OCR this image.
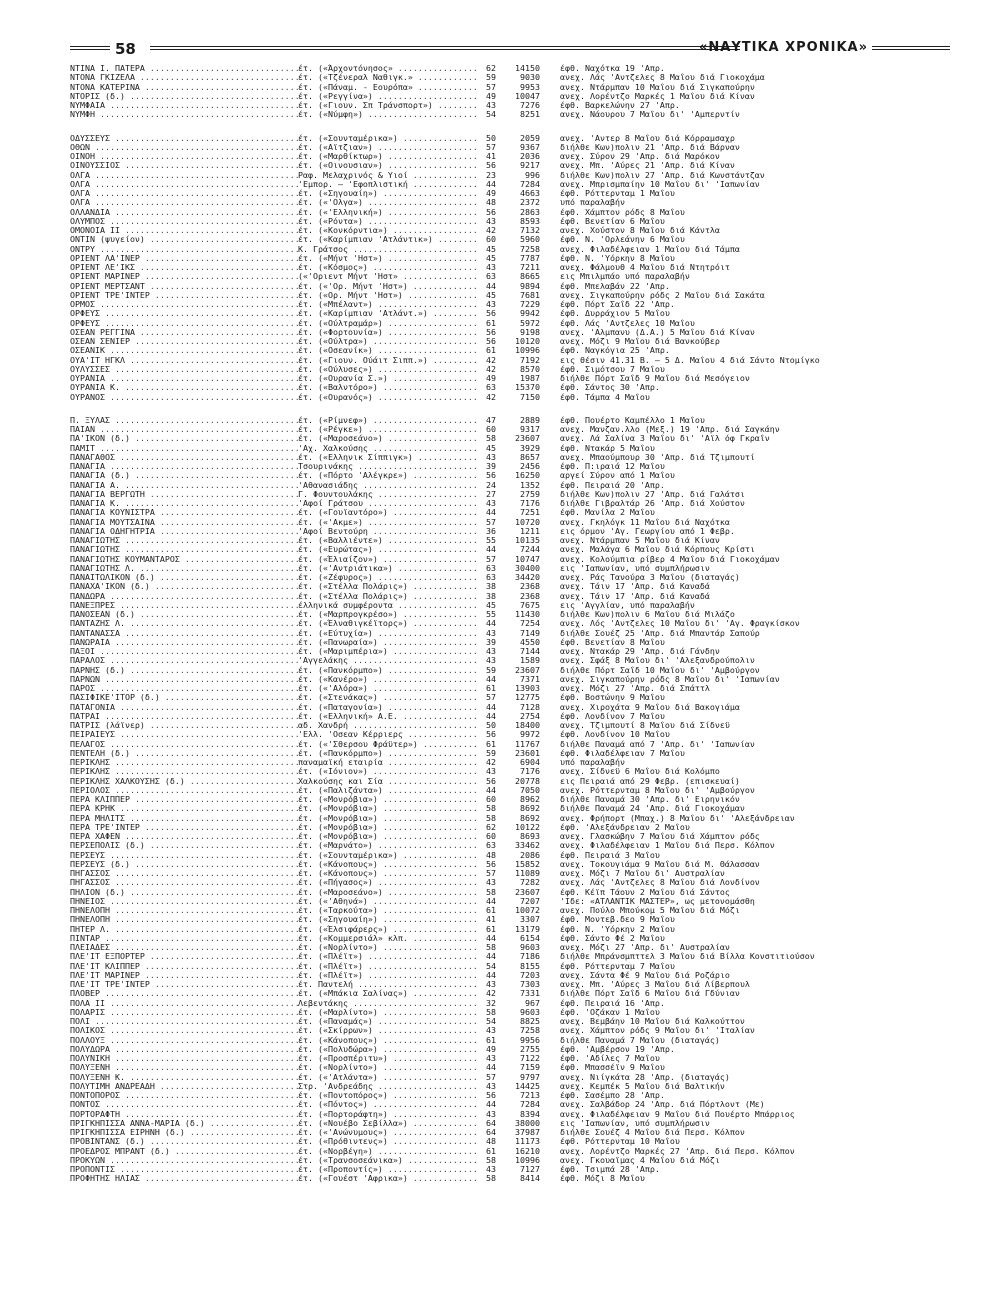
58	«ΝΑΥΤΙΚΑ ΧΡΟΝΙΚΑ»
ΝΤΙΝΑ Ι. ΠΑΤΕΡΑ .....	έτ. («Άρχοντόνησος» .....	62	14150 έφθ. Ναχότκα 19 'Απρ.
ΝΤΟΝΑ ΓΚΙΖΕΛΑ .....	έτ. («Τζένεραλ Ναθιγκ.» .....	59	9030 ανεχ. Λάς 'Αντζελες 8 Μαΐου διά Γιοκοχάμα
ΝΤΟΝΑ ΚΑΤΕΡΙΝΑ .....	έτ. («Πάναμ. - Εουρόπα» .....	57	9953 ανεχ. Ντάρμπαν 10 Μαΐου διά Σιγκαπούρην
ΝΤΟΡΙΣ (δ.) .....	έτ. («Ρεγγίνα») .....	49	10047 ανεχ. Λορέντζο Μαρκές 1 Μαΐου διά Κίναν
ΝΥΜΦΑΙΑ .....	έτ. («Γιουν. Σπ Τράνσπορτ») .....	43	7276 έφθ. Βαρκελώνην 27 'Απρ.
ΝΥΜΦΗ .....	έτ. («Νύμφη») .....	54	8251 ανεχ. Νάουρου 7 Μαΐου δι' 'Αμπερντίν
ΟΔΥΣΣΕΥΣ .....	έτ. («Σουνταμέρικα») .....	50	2059 ανεχ. 'Αντερ 8 Μαΐου διά Κόρραμσαχρ
ΟΘΩΝ .....	έτ. («Αϊτζιαν») .....	57	9367 διήλθε Κων)πολιν 21 'Απρ. διά Βάρναν
ΟΙΝΟΗ .....	έτ. («Μαρθίκτωρ») .....	41	2036 ανεχ. Σύρον 29 'Απρ. διά Μαρόκον
ΟΙΝΟΥΣΣΙΟΣ .....	έτ. («Οινουσιαν») .....	56	9217 ανεχ. Μπ. 'Αύρες 21 'Απρ. διά Κίναν
ΟΛΓΑ .....	Ραφ. Μελαχρινός & Υιοί .....	23	996 διήλθε Κων)πολιν 27 'Απρ. διά Κωνστάντζαν
ΟΛΓΑ .....	'Εμπορ. — 'Εφοπλιστική .....	44	7284 ανεχ. Μπρισμπαίην 10 Μαΐου δι' 'Ιαπωνίαν
ΟΛΓΑ .....	έτ. («Σηγουαίη») .....	49	4663 έφθ. Ρόττερνταμ 1 Μαΐου
ΟΛΓΑ .....	έτ. («'Ολγα») .....	48	2372 υπό παραλαβήν
ΟΛΛΑΝΔΙΑ .....	έτ. («'Ελληνική») .....	56	2863 έφθ. Χάμπτον ρόδς 8 Μαΐου
ΟΛΥΜΠΟΣ .....	έτ. («Ρόντα») .....	43	8593 έφθ. Βενετίαν 6 Μαΐου
ΟΜΟΝΟΙΑ ΙΙ .....	έτ. («Κονκόρντια») .....	42	7132 ανεχ. Χούστον 8 Μαΐου διά Κάντλα
ΟΝΤΙΝ (ψυγείον) .....	έτ. («Καρίμπιαν 'Ατλάντικ») .....	60	5960 έφθ. Ν. 'Ορλεάνην 6 Μαΐου
ΟΝΤΡΥ .....	Κ. Γράτσος .....	45	7258 ανεχ. Φιλαδέλφειαν 1 Μαΐου διά Τάμπα
ΟΡΙΕΝΤ ΛΑ'ΙΝΕΡ .....	έτ. («Μήντ 'Ηστ») .....	45	7787 έφθ. Ν. 'Υόρκην 8 Μαΐου
ΟΡΙΕΝΤ ΛΕ'ΙΚΣ .....	έτ. («Κόσμος») .....	43	7211 ανεχ. Φάλμουθ 4 Μαΐου διά Ντητρόιτ
ΟΡΙΕΝΤ ΜΑΡΙΝΕΡ .....	(«'Οριεντ Μήντ 'Ηστ» .....	63	8665 εις Μπιλμπάο υπό παραλαβήν
ΟΡΙΕΝΤ ΜΕΡΤΣΑΝΤ .....	έτ. («'Ορ. Μήντ 'Ηστ») .....	44	9894 έφθ. Μπελαβάν 22 'Απρ.
ΟΡΙΕΝΤ ΤΡΕ'ΙΝΤΕΡ .....	έτ. («Ορ. Μήντ 'Ηστ») .....	45	7681 ανεχ. Σιγκαπούρην ρόδς 2 Μαΐου διά Σακάτα
ΟΡΜΟΣ .....	έτ. («Μπέλαντ») .....	43	7229 έφθ. Πόρτ Σαΐδ 22 'Απρ.
ΟΡΦΕΥΣ .....	έτ. («Καρίμπιαν 'Ατλάντ.») .....	56	9942 έφθ. Δυρράχιον 5 Μαΐου
ΟΡΦΕΥΣ .....	έτ. («Ούλτραμάρ») .....	61	5972 έφθ. Λάς 'Αντζελες 10 Μαΐου
ΟΣΕΑΝ ΡΕΓΓΙΝΑ .....	έτ. («Φορτουνία») .....	56	9198 ανεχ. 'Αλμπανυ (Δ.Α.) 5 Μαΐου διά Κίναν
ΟΣΕΑΝ ΣΕΝΙΕΡ .....	έτ. («Ούλτρα») .....	56	10120 ανεχ. Μόζι 9 Μαΐου διά Βανκούβερ
ΟΣΕΑΝΙΚ .....	έτ. («Οσεανίκ») .....	61	10996 έφθ. Ναγκόγια 25 'Απρ.
ΟΥΑ'ΙΤ ΗΓΚΛ .....	έτ. («Γιουν. Ούάιτ Σιππ.») .....	42	7192 εις θέσιν 41.31 Β. — 5 Δ. Μαΐου 4 διά Σάντο Ντομίγκο
ΟΥΛΥΣΣΕΣ .....	έτ. («Ούλυσες») .....	42	8570 έφθ. Σιμότσου 7 Μαΐου
ΟΥΡΑΝΙΑ .....	έτ. («Ουρανία Σ.») .....	49	1987 διήλθε Πόρτ Σαΐδ 9 Μαΐου διά Μεσόγειον
ΟΥΡΑΝΙΑ Κ. .....	έτ. («Βαλντόρο») .....	63	15370 έφθ. Σάντος 30 'Απρ.
ΟΥΡΑΝΟΣ .....	έτ. («Ουρανός») .....	42	7150 έφθ. Τάμπα 4 Μαΐου
Π. ΞΥΛΑΣ .....	έτ. («Ρίμνεφ») .....	47	2889 έφθ. Πουέρτο Καμπέλλο 1 Μαΐου
ΠΑΙΑΝ .....	έτ. («Ρέγκε») .....	60	9317 ανεχ. Μανζαν.λλο (Μεξ.) 19 'Απρ. διά Σαγκάην
ΠΑ'ΙΚΟΝ (δ.) .....	έτ. («Μαροσεάνο») .....	58	23607 ανεχ. Λά Σαλίνα 3 Μαΐου δι' 'Αϊλ όφ Γκραΐν
ΠΑΜΙΤ .....	'Αχ. Χαλκούσης .....	45	3929 έφθ. Ντακάρ 5 Μαΐου
ΠΑΝΑΓΑΘΟΣ .....	έτ. («Ελληνικ Σίππιγκ») .....	43	8657 ανεχ. Μπαούμπουρ 30 'Απρ. διά Τζιμπουτί
ΠΑΝΑΓΙΑ .....	Τσουρινάκης .....	39	2456 έφθ. Π:ιραιά 12 Μαΐου
ΠΑΝΑΓΙΑ (δ.) .....	έτ. («Πόρτο 'Αλέγκρε») .....	56	16250 αργεί Σύρον από 1 Μαΐου
ΠΑΝΑΓΙΑ Α. .....	'Αθανασιάδης .....	24	1352 έφθ. Πειραιά 20 'Απρ.
ΠΑΝΑΓΙΑ ΒΕΡΓΩΤΗ .....	Γ. Φουντουλάκης .....	27	2759 διήλθε Κων)πολιν 27 'Απρ. διά Γαλάτσι
ΠΑΝΑΓΙΑ Κ. .....	'Αφοί Γράτσου .....	43	7176 διήλθε Γιβραλτάρ 26 'Απρ. διά Χούστον
ΠΑΝΑΓΙΑ ΚΟΥΝΙΣΤΡΑ .....	έτ. («Γουϊαντόρο») .....	44	7251 έφθ. Μανίλα 2 Μαΐου
ΠΑΝΑΓΙΑ ΜΟΥΤΣΑΙΝΑ .....	έτ. («'Ακμε») .....	57	10720 ανεχ. Γκηλόγκ 11 Μαΐου διά Ναχότκα
ΠΑΝΑΓΙΑ ΟΔΗΓΗΤΡΙΑ .....	'Αφοί Βεντούρη .....	36	1211 εις όρμον 'Αγ. Γεωργίου από 1 Φεβρ.
ΠΑΝΑΓΙΩΤΗΣ .....	έτ. («Βαλλιέντε») .....	55	10135 ανεχ. Ντάρμπαν 5 Μαΐου διά Κίναν
ΠΑΝΑΓΙΩΤΗΣ .....	έτ. («Ευρώτας») .....	44	7244 ανεχ. Μαλάγα 6 Μαΐου διά Κόρπους Κρίστι
ΠΑΝΑΓΙΩΤΗΣ ΚΟΥΜΑΝΤΑΡΟΣ .....	έτ. («Έλιαίζον») .....	57	10747 ανεχ. Κολούμπια ρίβερ 4 Μαΐου διά Γιοκοχάμαν
ΠΑΝΑΓΙΩΤΗΣ Λ. .....	έτ. («'Αντριάτικα») .....	63	30400 εις 'Ιαπωνίαν, υπό συμπλήρωσιν
ΠΑΝΑΙΤΩΛΙΚΟΝ (δ.) .....	έτ. («Ζέφυρος») .....	63	34420 ανεχ. Ράς Τανούρα 3 Μαΐου (διαταγάς)
ΠΑΝΑΧΑ'ΙΚΟΝ (δ.) .....	έτ. («Στέλλα Πολάρις») .....	38	2368 ανεχ. Τάιν 17 'Απρ. διά Καναδά
ΠΑΝΔΩΡΑ .....	έτ. («Στέλλα Πολάρις») .....	38	2368 ανεχ. Τάιν 17 'Απρ. διά Καναδά
ΠΑΝΕΞΠΡΕΣ .....	έλληνικά συμφέροντα .....	45	7675 εις 'Αγγλίαν, υπό παραλαβήν
ΠΑΝΟΣΕΑΝ (δ.) .....	έτ. («Μαρπρογκρέσο») .....	55	11430 διήλθε Κων)πολιν 6 Μαΐου διά Μιλάζο
ΠΑΝΤΑΖΗΣ Λ. .....	έτ. («Έλναθιγκέϊτορς») .....	44	7254 ανεχ. Λός 'Αντζελες 10 Μαΐου δι' 'Αγ. Φραγκίσκον
ΠΑΝΤΑΝΑΣΣΑ .....	έτ. («Εύτυχία») .....	43	7149 διήλθε Σουέζ 25 'Απρ. διά Μπαντάρ Σαπούρ
ΠΑΝΩΡΑΙΑ .....	έτ. («Πανωραία») .....	39	4550 έφθ. Βενετίαν 8 Μαΐου
ΠΑΞΟΙ .....	έτ. («Μαριμπέρια») .....	43	7144 ανεχ. Ντακάρ 29 'Απρ. διά Γάνδην
ΠΑΡΑΛΟΣ .....	'Αγγελάκης .....	43	1589 ανεχ. Σφάξ 8 Μαΐου δι' 'Αλεξανδρούπολιν
ΠΑΡΝΗΣ (δ.) .....	έτ. («Πανκόρμπο») .....	59	23607 διήλθε Πόρτ Σαΐδ 10 Μαΐου δι' 'Αμβούργον
ΠΑΡΝΩΝ .....	έτ. («Κανέρο») .....	44	7371 ανεχ. Σιγκαπούρην ρόδς 8 Μαΐου δι' 'Ιαπωνίαν
ΠΑΡΟΣ .....	έτ. («'Αλόρα») .....	61	13903 ανεχ. Μόζι 27 'Απρ. διά Σπάττλ
ΠΑΣΙΦΙΚΕ'ΙΤΟΡ (δ.) .....	έτ. («Στενάκας») .....	57	12775 έφθ. Βοστώνην 9 Μαΐου
ΠΑΤΑΓΟΝΙΑ .....	έτ. («Παταγονία») .....	44	7128 ανεχ. Χιροχάτα 9 Μαΐου διά Βακογιάμα
ΠΑΤΡΑΙ .....	έτ. («Ελληνική» Α.Ε. .....	44	2754 έφθ. Λονδίνον 7 Μαΐου
ΠΑΤΡΙΣ (λάϊνερ) .....	αδ. Χανδρή .....	50	18400 ανεχ. Τζιμπουτί 8 Μαΐου διά Σίδνεϋ
ΠΕΙΡΑΙΕΥΣ .....	'Ελλ. 'Οσεαν Κέρριερς .....	56	9972 έφθ. Λονδίνον 10 Μαΐου
ΠΕΛΑΓΟΣ .....	έτ. («'Σθερσου Φράϋτερ») .....	61	11767 διήλθε Παναμά από 7 'Απρ. δι' 'Ιαπωνίαν
ΠΕΝΤΕΛΗ (δ.) .....	έτ. («Πανκόρμπο») .....	59	23601 έφθ. Φιλαδέλφειαν 7 Μαΐου
ΠΕΡΙΚΛΗΣ .....	παναμαϊκή εταιρία .....	42	6904 υπό παραλαβήν
ΠΕΡΙΚΛΗΣ .....	έτ. («Ιόνιον») .....	43	7176 ανεχ. Σίδνεϋ 6 Μαΐου διά Κολόμπο
ΠΕΡΙΚΛΗΣ ΧΑΛΚΟΥΣΗΣ (δ.) .....	Χαλκούσης και Σία .....	56	20778 εις Πειραιά από 29 Φεβρ. (επισκευαί)
ΠΕΡΙΟΛΟΣ .....	έτ. («Παλιζάντα») .....	44	7050 ανεχ. Ρόττερνταμ 8 Μαΐου δι' 'Αμβούργον
ΠΕΡΑ ΚΛΙΠΠΕΡ .....	έτ. («Μονρόβια») .....	60	8962 διήλθε Παναμά 30 'Απρ. δι' Ειρηνικόν
ΠΕΡΑ ΚΡΗΚ .....	έτ. («Μονρόβια») .....	58	8692 διήλθε Παναμά 24 'Απρ. διά Γιοκοχάμαν
ΠΕΡΑ ΜΗΛΙΤΣ .....	έτ. («Μονρόβια») .....	58	8692 ανεχ. Φρήπορτ (Μπαχ.) 8 Μαΐου δι' 'Αλεξάνδρειαν
ΠΕΡΑ ΤΡΕ'ΙΝΤΕΡ .....	έτ. («Μονρόβια») .....	62	10122 έφθ. 'Αλεξάνδρειαν 2 Μαΐου
ΠΕΡΑ ΧΑΦΕΝ .....	έτ. («Μονρόβια») .....	60	8693 ανεχ. Γλασκώβην 7 Μαΐου διά Χάμπτον ρόδς
ΠΕΡΣΕΠΟΛΙΣ (δ.) .....	έτ. («Μαρνάτο») .....	63	33462 ανεχ. Φιλαδέλφειαν 1 Μαΐου διά Περσ. Κόλπον
ΠΕΡΣΕΥΣ .....	έτ. («Σουνταμέρικα») .....	48	2086 έφθ. Πειραιά 3 Μαΐου
ΠΕΡΣΕΥΣ (δ.) .....	έτ. («Κάνοπους») .....	56	15852 ανεχ. Τοκουγιάμα 9 Μαΐου διά Μ. Θάλασσαν
ΠΗΓΑΣΣΟΣ .....	έτ. («Κάνοπους») .....	57	11089 ανεχ. Μόζι 7 Μαΐου δι' Αυστραλίαν
ΠΗΓΑΣΣΟΣ .....	έτ. («Πήγασος») .....	43	7282 ανεχ. Λάς 'Αντζελες 8 Μαΐου διά Λονδίνον
ΠΗΛΙΟΝ (δ.) .....	έτ. («Μαροσεάνο») .....	58	23607 έφθ. Κέϊπ Τάουν 2 Μαΐου διά Σάντος
ΠΗΝΕΙΟΣ .....	έτ. («'Αθηνά») .....	44	7207 'Ιδε: «ΑΤΛΑΝΤΙΚ ΜΑΣΤΕΡ», ως μετονομάσθη
ΠΗΝΕΛΟΠΗ .....	έτ. («Ταρκούτα») .....	61	10072 ανεχ. Πούλο Μπούκομ 5 Μαΐου διά Μόζι
ΠΗΝΕΛΟΠΗ .....	έτ. («Σηγουαίη») .....	41	3307 έφθ. Μοντεβ.δεο 9 Μαΐου
ΠΗΤΕΡ Λ. .....	έτ. («Έλσιφάρερς») .....	61	13179 έφθ. Ν. 'Υόρκην 2 Μαΐου
ΠΙΝΤΑΡ .....	έτ. («Κομμερσιάλ» κλπ. .....	44	6154 έφθ. Σάντο Φέ 2 Μαΐου
ΠΛΕΙΑΔΕΣ .....	έτ. («Νορλίντο») .....	58	9603 ανεχ. Μόζι 27 'Απρ. δι' Αυστραλίαν
ΠΛΕ'ΙΤ ΕΞΠΟΡΤΕΡ .....	έτ. («Πλέϊτ») .....	44	7186 διήλθε Μπράνσμπττελ 3 Μαΐου διά Βίλλα Κονστιτιούσον
ΠΛΕ'ΙΤ ΚΛΙΠΠΕΡ .....	έτ. («Πλέϊτ») .....	54	8155 έφθ. Ρόττερνταμ 7 Μαΐου
ΠΛΕ'ΙΤ ΜΑΡΙΝΕΡ .....	έτ. («Πλέϊτ») .....	44	7203 ανεχ. Σάντα Φέ 9 Μαΐου διά Ροζάριο
ΠΛΕ'ΙΤ ΤΡΕ'ΙΝΤΕΡ .....	έτ. Παντελή .....	43	7303 ανεχ. Μπ. 'Αύρες 3 Μαΐου διά Λίβερπουλ
ΠΛΟΒΕΡ .....	έτ. («Μπάκια Σαλίνας») .....	42	7331 διήλθε Πόρτ Σαΐδ 6 Μαΐου διά Γδύνιαν
ΠΟΛΑ ΙΙ .....	Λεβεντάκης .....	32	967 έφθ. Πειραιά 16 'Απρ.
ΠΟΛΑΡΙΣ .....	έτ. («Μαρλίντο») .....	58	9603 έφθ. 'Οζάκαν 1 Μαΐου
ΠΟΛΙ .....	έτ. («Παναμάς») .....	54	8825 ανεχ. Βεμβάην 10 Μαΐου διά Καλκούττον
ΠΟΛΙΚΟΣ .....	έτ. («Σκίρρων») .....	43	7258 ανεχ. Χάμπτον ρόδς 9 Μαΐου δι' 'Ιταλίαν
ΠΟΛΛΟΥΞ .....	έτ. («Κάνοπους») .....	61	9956 διήλθε Παναμά 7 Μαΐου (διαταγάς)
ΠΟΛΥΔΩΡΑ .....	έτ. («Πολυδώρα») .....	49	2755 έφθ. 'Αμβέρσον 19 'Απρ.
ΠΟΛΥΝΙΚΗ .....	έτ. («Προσπέριτυ») .....	43	7122 έφθ. 'Αδίλες 7 Μαΐου
ΠΟΛΥΞΕΝΗ .....	έτ. («Νορλίντο») .....	44	7159 έφθ. Μπασσέϊν 9 Μαΐου
ΠΟΛΥΞΕΝΗ Κ. .....	έτ. («'Ατλάντα») .....	57	9797 ανεχ. Νιίγκάτα 28 'Απρ. (διαταγάς)
ΠΟΛΥΤΙΜΗ ΑΝΔΡΕΑΔΗ .....	Στρ. 'Ανδρεάδης .....	43	14425 ανεχ. Κεμπέκ 5 Μαΐου διά Βαλτικήν
ΠΟΝΤΟΠΟΡΟΣ .....	έτ. («Ποντοπόρος») .....	56	7213 έφθ. Σασέμπο 28 'Απρ.
ΠΟΝΤΟΣ .....	έτ. («Πόντος») .....	44	7284 ανεχ. Σαλβάδορ 24 'Απρ. διά Πόρτλοντ (Με)
ΠΟΡΤΟΡΑΦΤΗ .....	έτ. («Πορτοράφτη») .....	43	8394 ανεχ. Φιλαδέλφειαν 9 Μαΐου διά Πουέρτο Μπάρριος
ΠΡΙΓΚΗΠΙΣΣΑ ΑΝΝΑ-ΜΑΡΙΑ (δ.) .....	έτ. («Νουέβο Σεβίλλα») .....	64	38000 εις 'Ιαπωνίαν, υπό συμπλήρωσιν
ΠΡΙΓΚΗΠΙΣΣΑ ΕΙΡΗΝΗ (δ.) .....	έτ. («'Ανώνυμους») .....	64	37987 διήλθε Σουέζ 4 Μαΐου διά Περσ. Κόλπον
ΠΡΟΒΙΝΤΑΝΣ (δ.) .....	έτ. («Πρόθιντενς») .....	48	11173 έφθ. Ρόττερνταμ 10 Μαΐου
ΠΡΟΕΔΡΟΣ ΜΠΡΑΝΤ (δ.) .....	έτ. («Νορβέγη») .....	61	16210 ανεχ. Λορέντζο Μαρκές 27 'Απρ. διά Περσ. Κόλπον
ΠΡΟΚΥΩΝ .....	έτ. («Τρανσοσεάνικα») .....	58	10996 ανεχ. Γκουαϊμας 4 Μαΐου διά Μόζι
ΠΡΟΠΟΝΤΙΣ .....	έτ. («Προποντίς») .....	43	7127 έφθ. Τσιμπά 28 'Απρ.
ΠΡΟΦΗΤΗΣ ΗΛΙΑΣ .....	έτ. («Γουέστ 'Αφρικα») .....	58	8414 έφθ. Μόζι 8 Μαΐου
